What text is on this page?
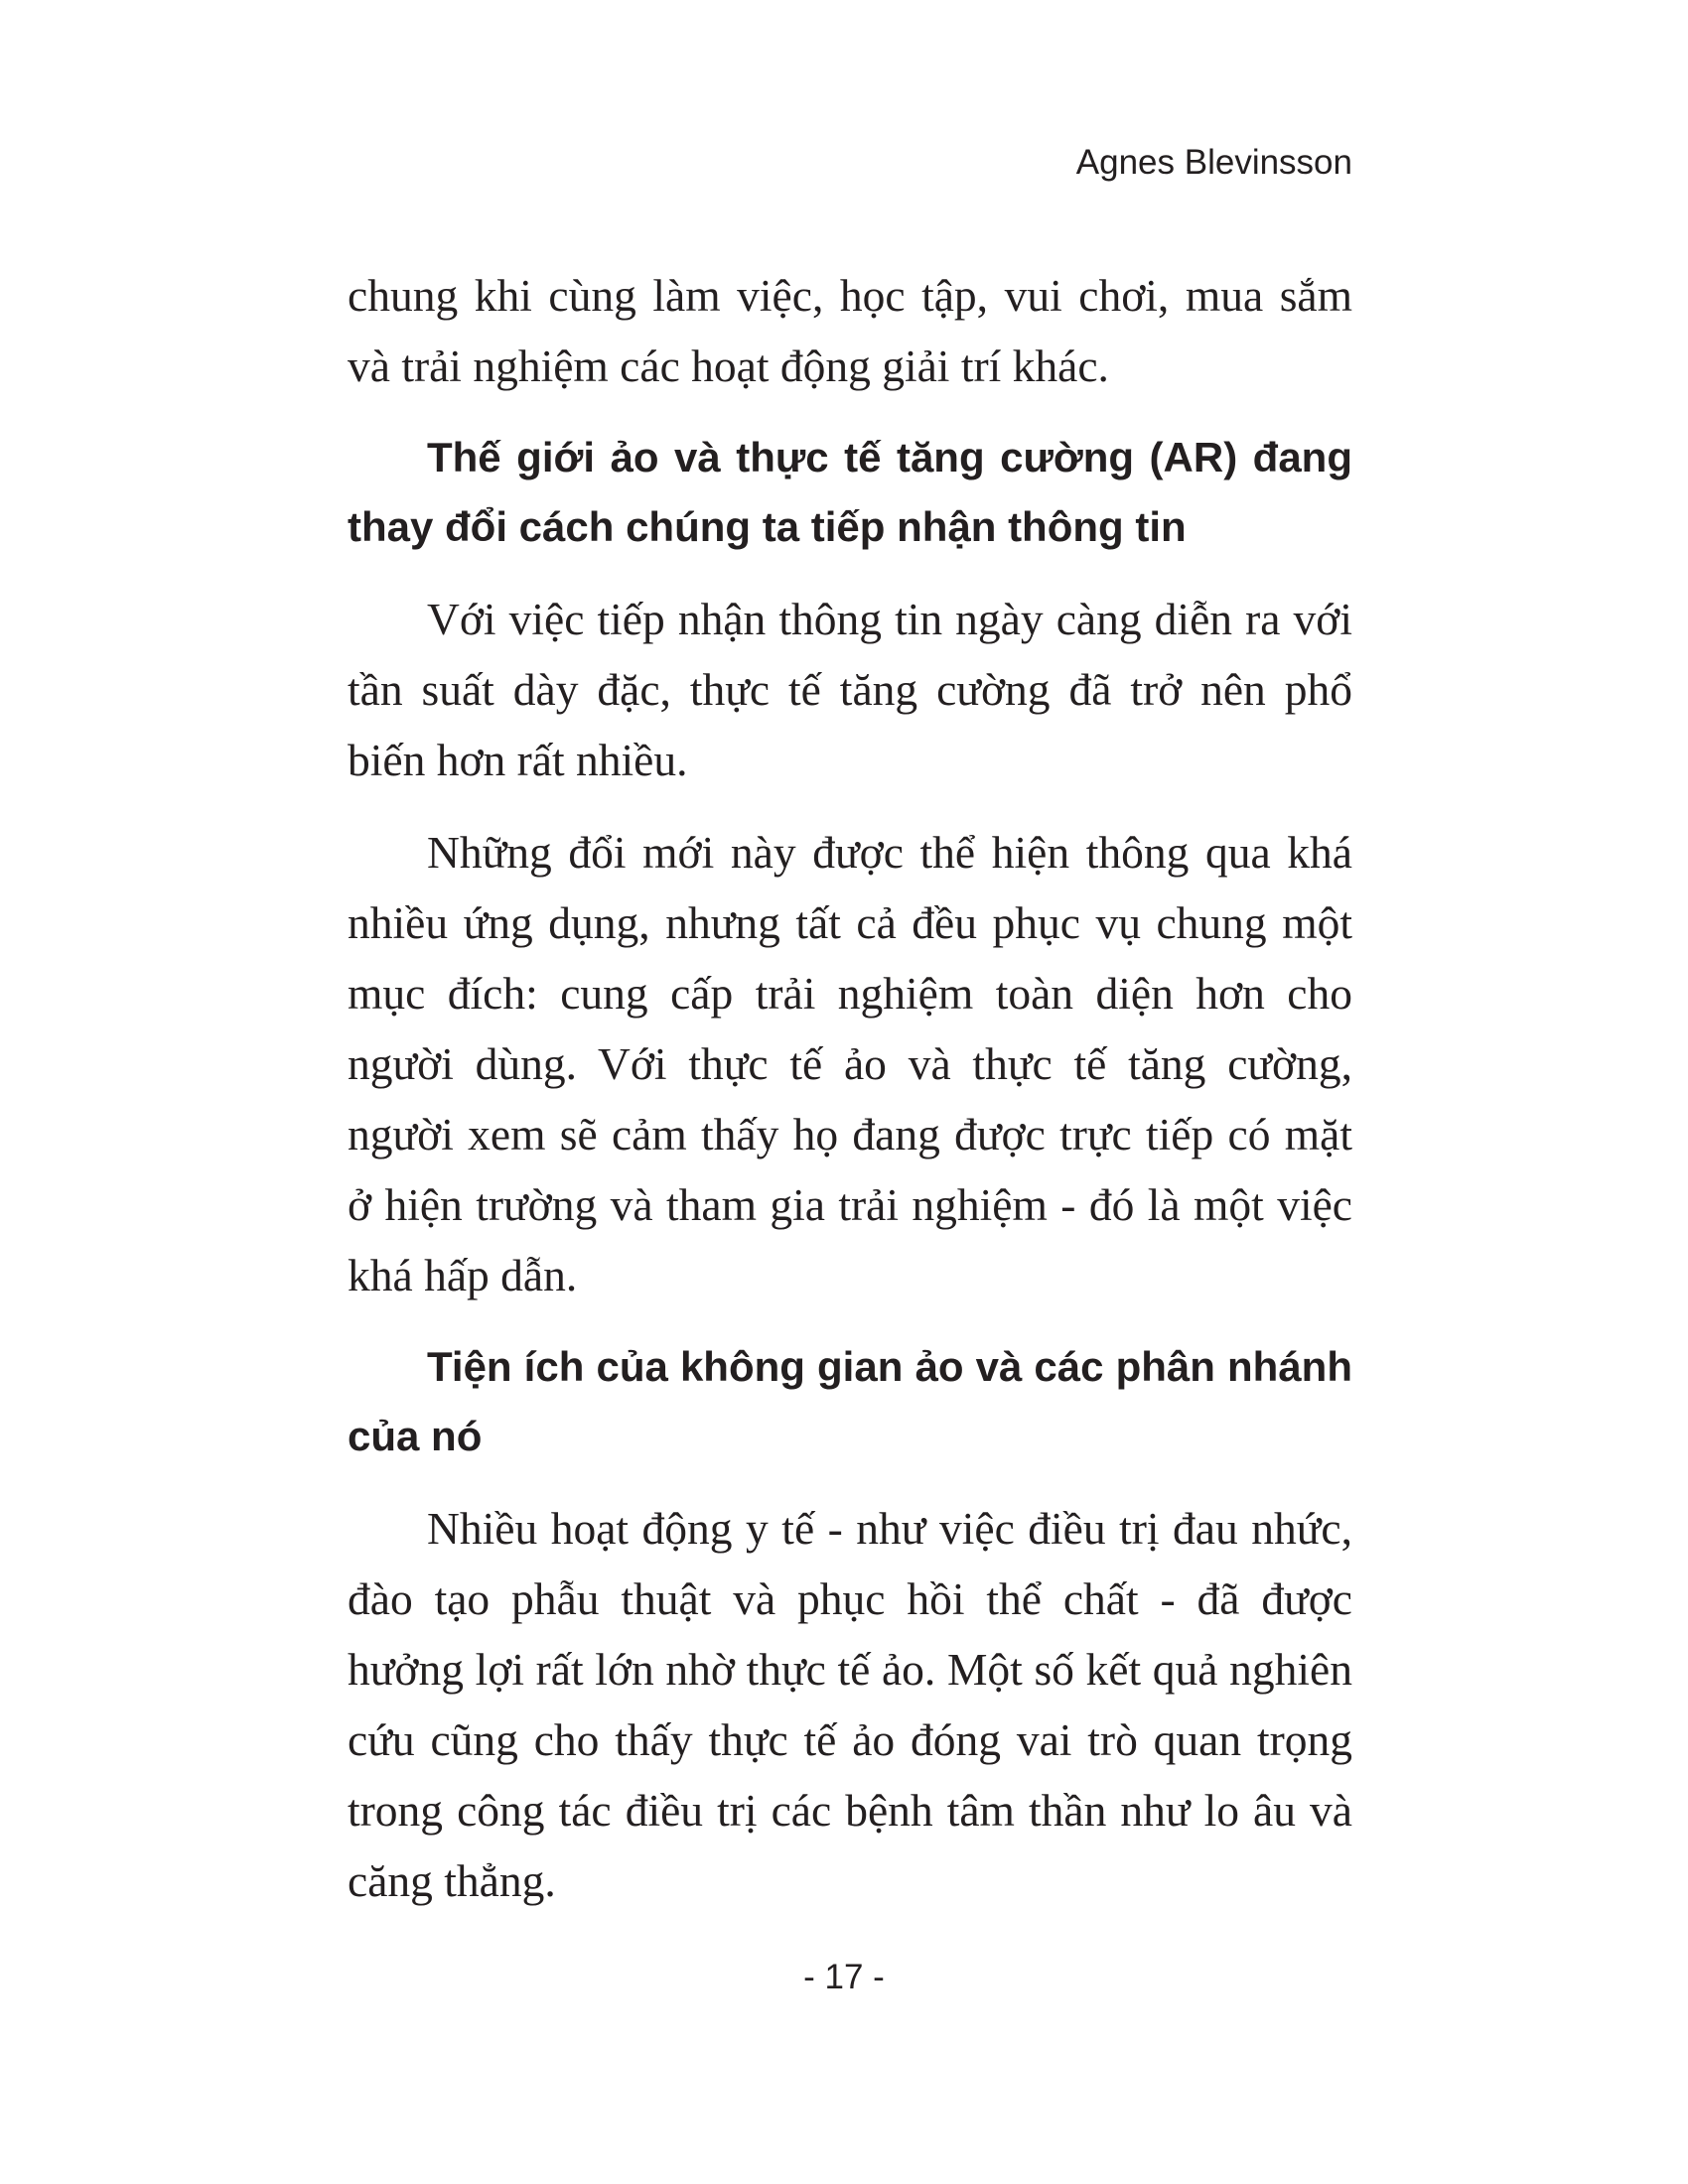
Agnes Blevinsson

chung khi cùng làm việc, học tập, vui chơi, mua sắm và trải nghiệm các hoạt động giải trí khác.

Thế giới ảo và thực tế tăng cường (AR) đang thay đổi cách chúng ta tiếp nhận thông tin

Với việc tiếp nhận thông tin ngày càng diễn ra với tần suất dày đặc, thực tế tăng cường đã trở nên phổ biến hơn rất nhiều.

Những đổi mới này được thể hiện thông qua khá nhiều ứng dụng, nhưng tất cả đều phục vụ chung một mục đích: cung cấp trải nghiệm toàn diện hơn cho người dùng. Với thực tế ảo và thực tế tăng cường, người xem sẽ cảm thấy họ đang được trực tiếp có mặt ở hiện trường và tham gia trải nghiệm - đó là một việc khá hấp dẫn.

Tiện ích của không gian ảo và các phân nhánh của nó

Nhiều hoạt động y tế - như việc điều trị đau nhức, đào tạo phẫu thuật và phục hồi thể chất - đã được hưởng lợi rất lớn nhờ thực tế ảo. Một số kết quả nghiên cứu cũng cho thấy thực tế ảo đóng vai trò quan trọng trong công tác điều trị các bệnh tâm thần như lo âu và căng thẳng.

- 17 -
